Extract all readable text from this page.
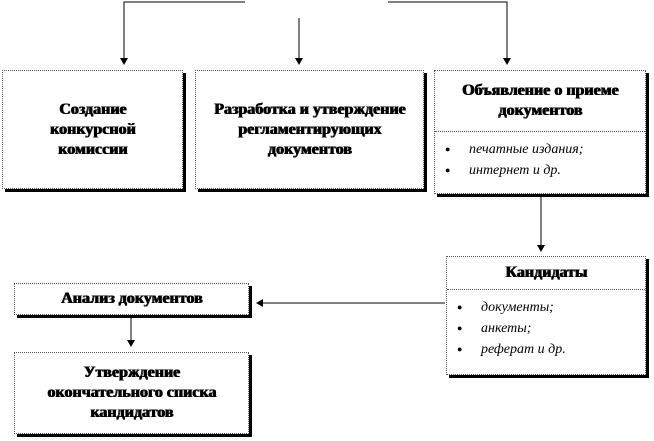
Создание конкурсной комиссии
Разработка и утверждение регламентирующих документов
Объявление о приеме документов
● печатные издания;
● интернет и др.
Кандидаты
● документы;
● анкеты;
● реферат и др.
Анализ документов
Утверждение окончательного списка кандидатов
